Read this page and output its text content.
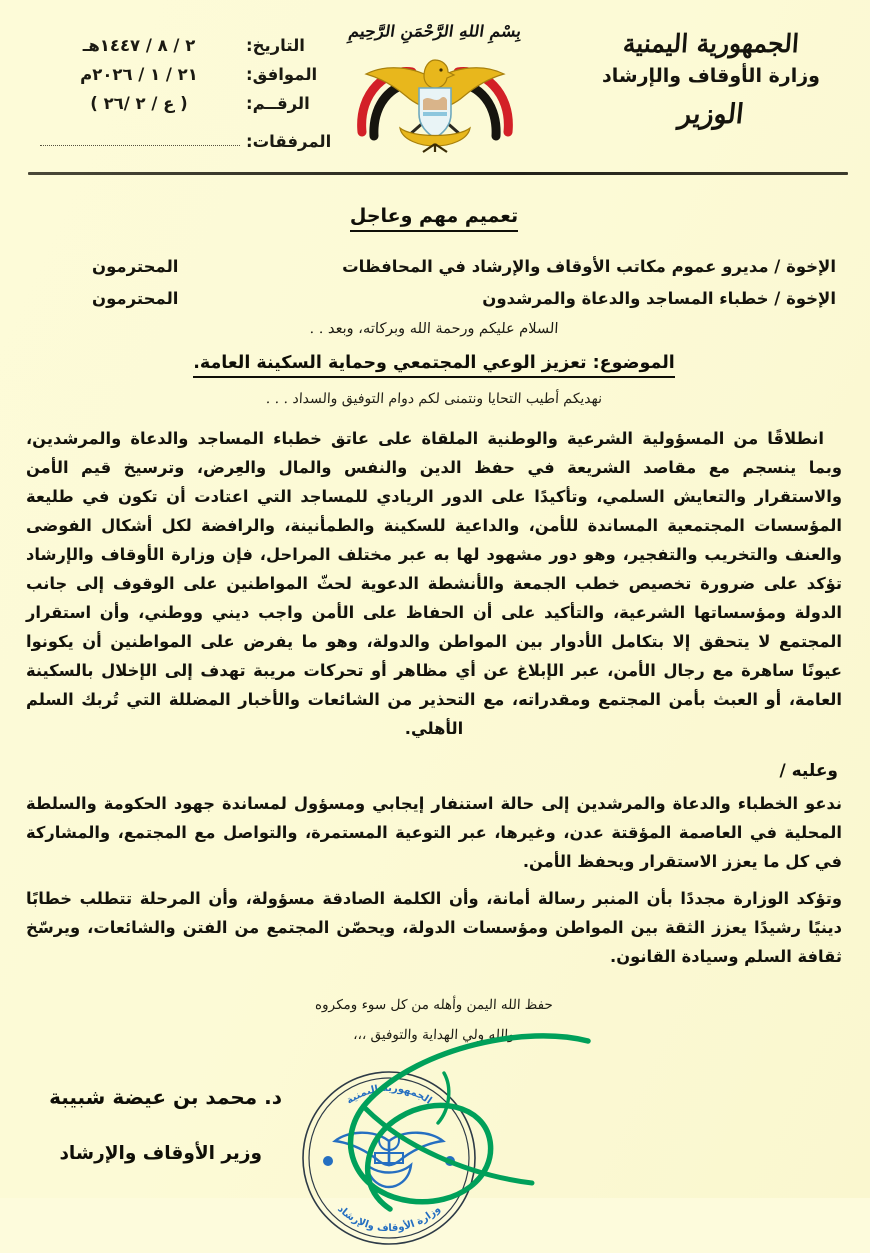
التاريخ:
٢ / ٨ / ١٤٤٧هـ
الموافق:
٢١ / ١ / ٢٠٢٦م
الرقــم:
( ع / ٢ /٢٦ )
المرفقات:
بِسْمِ اللهِ الرَّحْمَنِ الرَّحِيمِ	الجمهورية اليمنية
وزارة الأوقاف والإرشاد
الوزير
تعميم مهم وعاجل
الإخوة / مديرو عموم مكاتب الأوقاف والإرشاد في المحافظات
المحترمون
الإخوة / خطباء المساجد والدعاة والمرشدون
المحترمون
السلام عليكم ورحمة الله وبركاته، وبعد . .
الموضوع: تعزيز الوعي المجتمعي وحماية السكينة العامة.
نهديكم أطيب التحايا ونتمنى لكم دوام التوفيق والسداد . . .
انطلاقًا من المسؤولية الشرعية والوطنية الملقاة على عاتق خطباء المساجد والدعاة والمرشدين، وبما ينسجم مع مقاصد الشريعة في حفظ الدين والنفس والمال والعِرض، وترسيخ قيم الأمن والاستقرار والتعايش السلمي، وتأكيدًا على الدور الريادي للمساجد التي اعتادت أن تكون في طليعة المؤسسات المجتمعية المساندة للأمن، والداعية للسكينة والطمأنينة، والرافضة لكل أشكال الفوضى والعنف والتخريب والتفجير، وهو دور مشهود لها به عبر مختلف المراحل، فإن وزارة الأوقاف والإرشاد تؤكد على ضرورة تخصيص خطب الجمعة والأنشطة الدعوية لحثّ المواطنين على الوقوف إلى جانب الدولة ومؤسساتها الشرعية، والتأكيد على أن الحفاظ على الأمن واجب ديني ووطني، وأن استقرار المجتمع لا يتحقق إلا بتكامل الأدوار بين المواطن والدولة، وهو ما يفرض على المواطنين أن يكونوا عيونًا ساهرة مع رجال الأمن، عبر الإبلاغ عن أي مظاهر أو تحركات مريبة تهدف إلى الإخلال بالسكينة العامة، أو العبث بأمن المجتمع ومقدراته، مع التحذير من الشائعات والأخبار المضللة التي تُربك السلم الأهلي.
وعليه /
ندعو الخطباء والدعاة والمرشدين إلى حالة استنفار إيجابي ومسؤول لمساندة جهود الحكومة والسلطة المحلية في العاصمة المؤقتة عدن، وغيرها، عبر التوعية المستمرة، والتواصل مع المجتمع، والمشاركة في كل ما يعزز الاستقرار ويحفظ الأمن.
وتؤكد الوزارة مجددًا بأن المنبر رسالة أمانة، وأن الكلمة الصادقة مسؤولة، وأن المرحلة تتطلب خطابًا دينيًا رشيدًا يعزز الثقة بين المواطن ومؤسسات الدولة، ويحصّن المجتمع من الفتن والشائعات، ويرسّخ ثقافة السلم وسيادة القانون.
حفظ الله اليمن وأهله من كل سوء ومكروه
والله ولي الهداية والتوفيق ،،،
الجمهورية اليمنية
وزارة الأوقاف والإرشاد
د. محمد بن عيضة شبيبة
وزير الأوقاف والإرشاد
